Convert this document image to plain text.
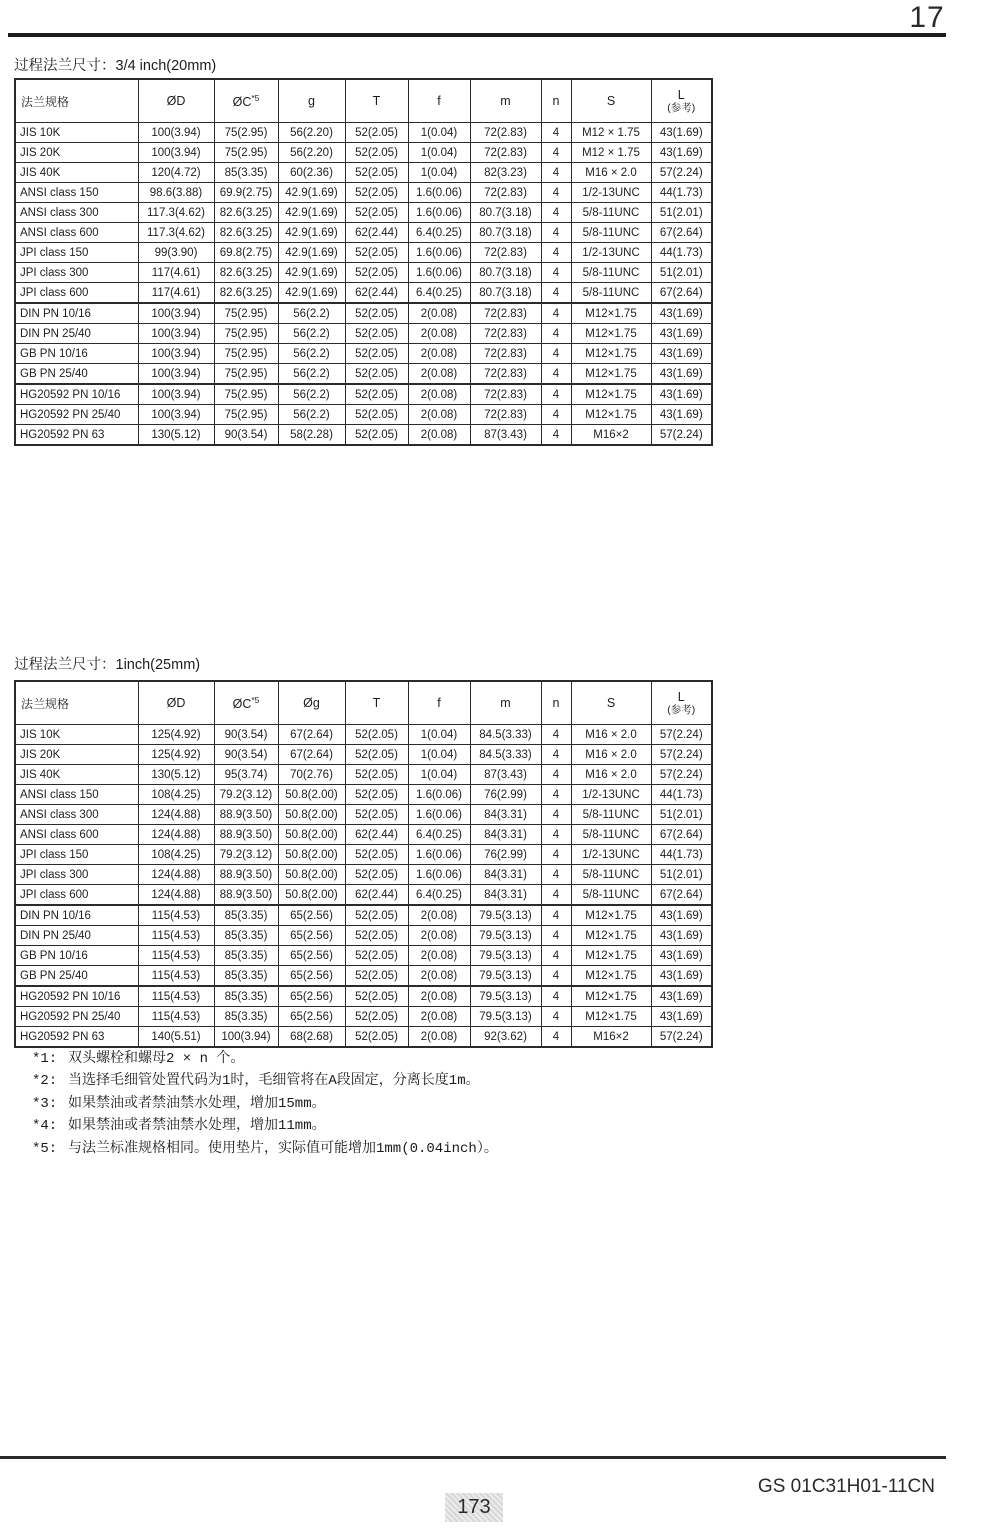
17
过程法兰尺寸：3/4 inch(20mm)
法兰规格	ØD	ØC$^{*5}$	g	T	f	m	n	S	L
(参考)

JIS 10K	100(3.94)	75(2.95)	56(2.20)	52(2.05)	1(0.04)	72(2.83)	4	M12 × 1.75	43(1.69)
JIS 20K	100(3.94)	75(2.95)	56(2.20)	52(2.05)	1(0.04)	72(2.83)	4	M12 × 1.75	43(1.69)
JIS 40K	120(4.72)	85(3.35)	60(2.36)	52(2.05)	1(0.04)	82(3.23)	4	M16 × 2.0	57(2.24)
ANSI class 150	98.6(3.88)	69.9(2.75)	42.9(1.69)	52(2.05)	1.6(0.06)	72(2.83)	4	1/2-13UNC	44(1.73)
ANSI class 300	117.3(4.62)	82.6(3.25)	42.9(1.69)	52(2.05)	1.6(0.06)	80.7(3.18)	4	5/8-11UNC	51(2.01)
ANSI class 600	117.3(4.62)	82.6(3.25)	42.9(1.69)	62(2.44)	6.4(0.25)	80.7(3.18)	4	5/8-11UNC	67(2.64)
JPI class 150	99(3.90)	69.8(2.75)	42.9(1.69)	52(2.05)	1.6(0.06)	72(2.83)	4	1/2-13UNC	44(1.73)
JPI class 300	117(4.61)	82.6(3.25)	42.9(1.69)	52(2.05)	1.6(0.06)	80.7(3.18)	4	5/8-11UNC	51(2.01)
JPI class 600	117(4.61)	82.6(3.25)	42.9(1.69)	62(2.44)	6.4(0.25)	80.7(3.18)	4	5/8-11UNC	67(2.64)
DIN PN 10/16	100(3.94)	75(2.95)	56(2.2)	52(2.05)	2(0.08)	72(2.83)	4	M12×1.75	43(1.69)
DIN PN 25/40	100(3.94)	75(2.95)	56(2.2)	52(2.05)	2(0.08)	72(2.83)	4	M12×1.75	43(1.69)
GB PN 10/16	100(3.94)	75(2.95)	56(2.2)	52(2.05)	2(0.08)	72(2.83)	4	M12×1.75	43(1.69)
GB PN 25/40	100(3.94)	75(2.95)	56(2.2)	52(2.05)	2(0.08)	72(2.83)	4	M12×1.75	43(1.69)
HG20592 PN 10/16	100(3.94)	75(2.95)	56(2.2)	52(2.05)	2(0.08)	72(2.83)	4	M12×1.75	43(1.69)
HG20592 PN 25/40	100(3.94)	75(2.95)	56(2.2)	52(2.05)	2(0.08)	72(2.83)	4	M12×1.75	43(1.69)
HG20592 PN 63	130(5.12)	90(3.54)	58(2.28)	52(2.05)	2(0.08)	87(3.43)	4	M16×2	57(2.24)
过程法兰尺寸：1inch(25mm)
法兰规格	ØD	ØC$^{*5}$	Øg	T	f	m	n	S	L
(参考)

JIS 10K	125(4.92)	90(3.54)	67(2.64)	52(2.05)	1(0.04)	84.5(3.33)	4	M16 × 2.0	57(2.24)
JIS 20K	125(4.92)	90(3.54)	67(2.64)	52(2.05)	1(0.04)	84.5(3.33)	4	M16 × 2.0	57(2.24)
JIS 40K	130(5.12)	95(3.74)	70(2.76)	52(2.05)	1(0.04)	87(3.43)	4	M16 × 2.0	57(2.24)
ANSI class 150	108(4.25)	79.2(3.12)	50.8(2.00)	52(2.05)	1.6(0.06)	76(2.99)	4	1/2-13UNC	44(1.73)
ANSI class 300	124(4.88)	88.9(3.50)	50.8(2.00)	52(2.05)	1.6(0.06)	84(3.31)	4	5/8-11UNC	51(2.01)
ANSI class 600	124(4.88)	88.9(3.50)	50.8(2.00)	62(2.44)	6.4(0.25)	84(3.31)	4	5/8-11UNC	67(2.64)
JPI class 150	108(4.25)	79.2(3.12)	50.8(2.00)	52(2.05)	1.6(0.06)	76(2.99)	4	1/2-13UNC	44(1.73)
JPI class 300	124(4.88)	88.9(3.50)	50.8(2.00)	52(2.05)	1.6(0.06)	84(3.31)	4	5/8-11UNC	51(2.01)
JPI class 600	124(4.88)	88.9(3.50)	50.8(2.00)	62(2.44)	6.4(0.25)	84(3.31)	4	5/8-11UNC	67(2.64)
DIN PN 10/16	115(4.53)	85(3.35)	65(2.56)	52(2.05)	2(0.08)	79.5(3.13)	4	M12×1.75	43(1.69)
DIN PN 25/40	115(4.53)	85(3.35)	65(2.56)	52(2.05)	2(0.08)	79.5(3.13)	4	M12×1.75	43(1.69)
GB PN 10/16	115(4.53)	85(3.35)	65(2.56)	52(2.05)	2(0.08)	79.5(3.13)	4	M12×1.75	43(1.69)
GB PN 25/40	115(4.53)	85(3.35)	65(2.56)	52(2.05)	2(0.08)	79.5(3.13)	4	M12×1.75	43(1.69)
HG20592 PN 10/16	115(4.53)	85(3.35)	65(2.56)	52(2.05)	2(0.08)	79.5(3.13)	4	M12×1.75	43(1.69)
HG20592 PN 25/40	115(4.53)	85(3.35)	65(2.56)	52(2.05)	2(0.08)	79.5(3.13)	4	M12×1.75	43(1.69)
HG20592 PN 63	140(5.51)	100(3.94)	68(2.68)	52(2.05)	2(0.08)	92(3.62)	4	M16×2	57(2.24)
*1: 双头螺栓和螺母2 × n 个。
*2: 当选择毛细管处置代码为1时，毛细管将在A段固定，分离长度1m。
*3: 如果禁油或者禁油禁水处理，增加15mm。
*4: 如果禁油或者禁油禁水处理，增加11mm。
*5: 与法兰标准规格相同。使用垫片，实际值可能增加1mm(0.04inch）。
GS 01C31H01-11CN
173
